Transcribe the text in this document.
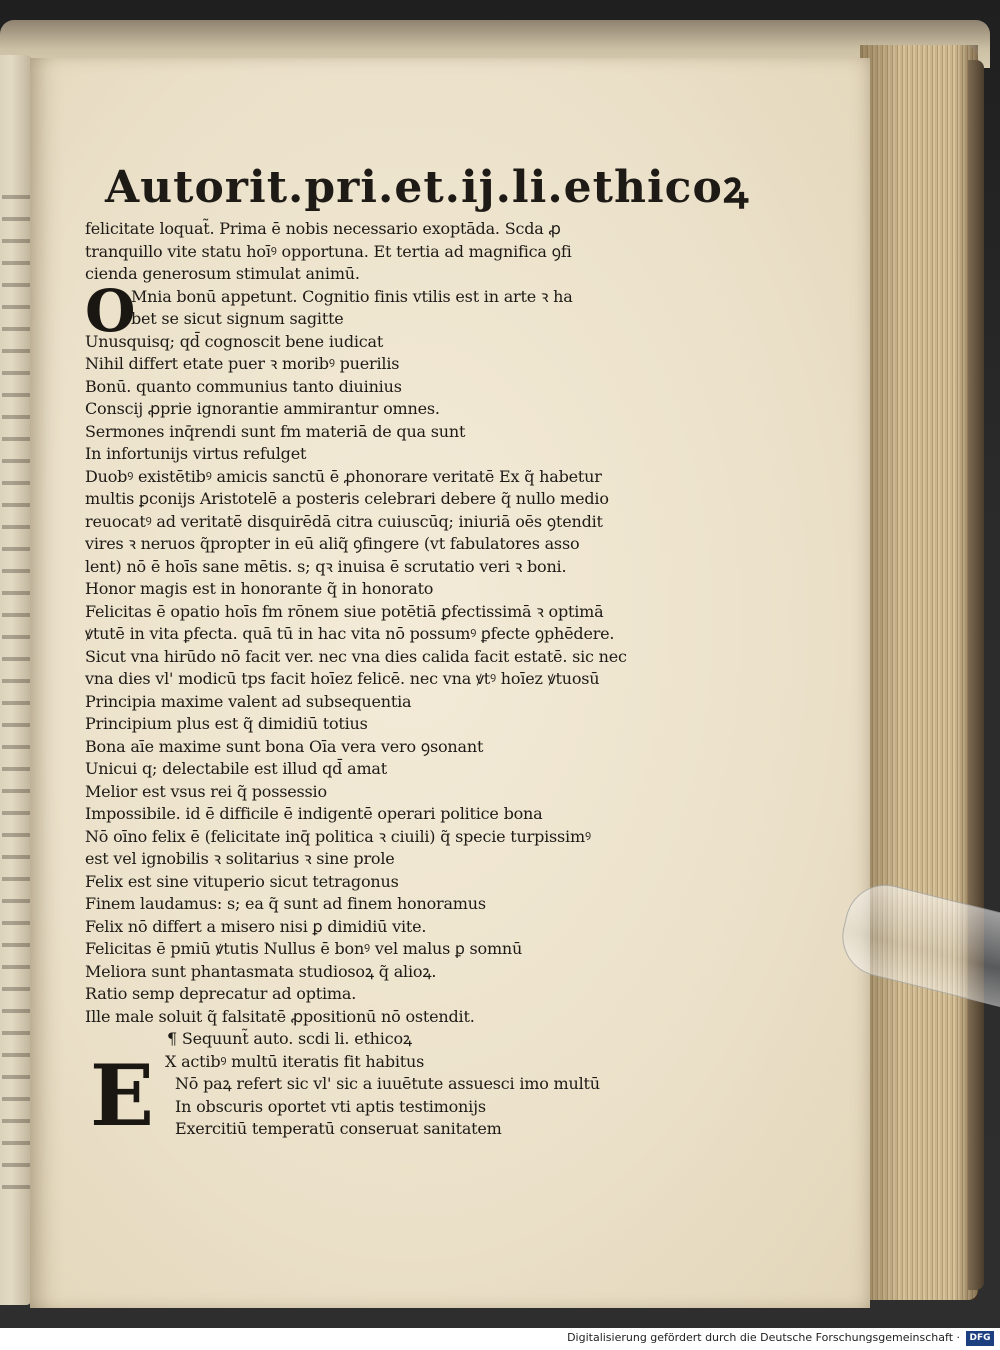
Autorit.pri.et.ij.li.ethicoꝝ
felicitate loquat̃. Prima ē nobis necessario exoptāda. Scda ꝓ
tranquillo vite statu hoīꝰ opportuna. Et tertia ad magnifica ꝯfi
cienda generosum stimulat animū.
O
Mnia bonū appetunt. Cognitio finis vtilis est in arte ꝛ ha
bet se sicut signum sagitte
Unusquisq; qd̄ cognoscit bene iudicat
Nihil differt etate puer ꝛ moribꝰ puerilis
Bonū. quanto communius tanto diuinius
Conscij ꝓprie ignorantie ammirantur omnes.
Sermones inq̄rendi sunt fm materiā de qua sunt
In infortunijs virtus refulget
Duobꝰ existētibꝰ amicis sanctū ē ꝓhonorare veritatē Ex q̃ habetur
multis ꝑconijs Aristotelē a posteris celebrari debere q̃ nullo medio
reuocatꝰ ad veritatē disquirēdā citra cuiuscūq; iniuriā oēs ꝯtendit
vires ꝛ neruos q̃propter in eū aliq̃ ꝯfingere (vt fabulatores asso
lent) nō ē hoīs sane mētis. s; qꝛ inuisa ē scrutatio veri ꝛ boni.
Honor magis est in honorante q̃ in honorato
Felicitas ē opatio hoīs fm rōnem siue potētiā ꝑfectissimā ꝛ optimā
ꝟtutē in vita ꝑfecta. quā tū in hac vita nō possumꝰ ꝑfecte ꝯphēdere.
Sicut vna hirūdo nō facit ver. nec vna dies calida facit estatē. sic nec
vna dies vl' modicū tps facit hoīez felicē. nec vna ꝟtꝰ hoīez ꝟtuosū
Principia maxime valent ad subsequentia
Principium plus est q̃ dimidiū totius
Bona aīe maxime sunt bona Oīa vera vero ꝯsonant
Unicui q; delectabile est illud qd̄ amat
Melior est vsus rei q̃ possessio
Impossibile. id ē difficile ē indigentē operari politice bona
Nō oīno felix ē (felicitate inq̄ politica ꝛ ciuili) q̃ specie turpissimꝰ
est vel ignobilis ꝛ solitarius ꝛ sine prole
Felix est sine vituperio sicut tetragonus
Finem laudamus: s; ea q̃ sunt ad finem honoramus
Felix nō differt a misero nisi ꝑ dimidiū vite.
Felicitas ē pmiū ꝟtutis Nullus ē bonꝰ vel malus ꝑ somnū
Meliora sunt phantasmata studiosoꝝ q̃ alioꝝ.
Ratio semp deprecatur ad optima.
Ille male soluit q̃ falsitatē ꝓpositionū nō ostendit.
¶ Sequunt̃ auto. scdi li. ethicoꝝ
E X actibꝰ multū iteratis fit habitus
Nō paꝝ refert sic vl' sic a iuuētute assuesci imo multū
In obscuris oportet vti aptis testimonijs
Exercitiū temperatū conseruat sanitatem
Digitalisierung gefördert durch die Deutsche Forschungsgemeinschaft ·	DFG
